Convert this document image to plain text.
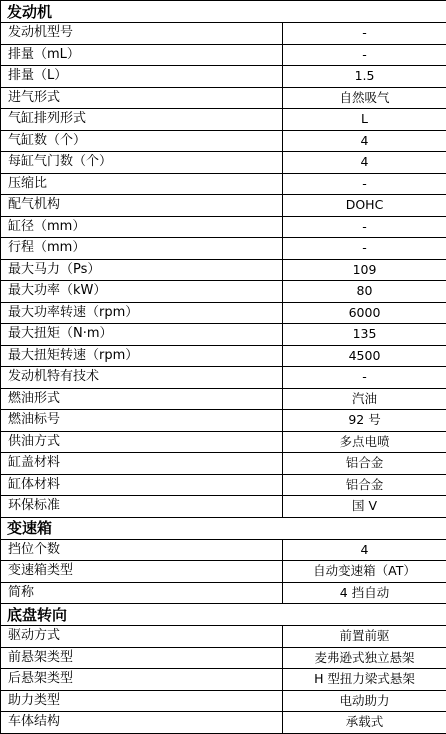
发动机	
发动机型号	-
排量（mL）	-
排量（L）	1.5
进气形式	自然吸气
气缸排列形式	L
气缸数（个）	4
每缸气门数（个）	4
压缩比	-
配气机构	DOHC
缸径（mm）	-
行程（mm）	-
最大马力（Ps）	109
最大功率（kW）	80
最大功率转速（rpm）	6000
最大扭矩（N·m）	135
最大扭矩转速（rpm）	4500
发动机特有技术	-
燃油形式	汽油
燃油标号	92 号
供油方式	多点电喷
缸盖材料	铝合金
缸体材料	铝合金
环保标准	国 V
变速箱	
挡位个数	4
变速箱类型	自动变速箱（AT）
简称	4 挡自动
底盘转向	
驱动方式	前置前驱
前悬架类型	麦弗逊式独立悬架
后悬架类型	H 型扭力梁式悬架
助力类型	电动助力
车体结构	承载式
